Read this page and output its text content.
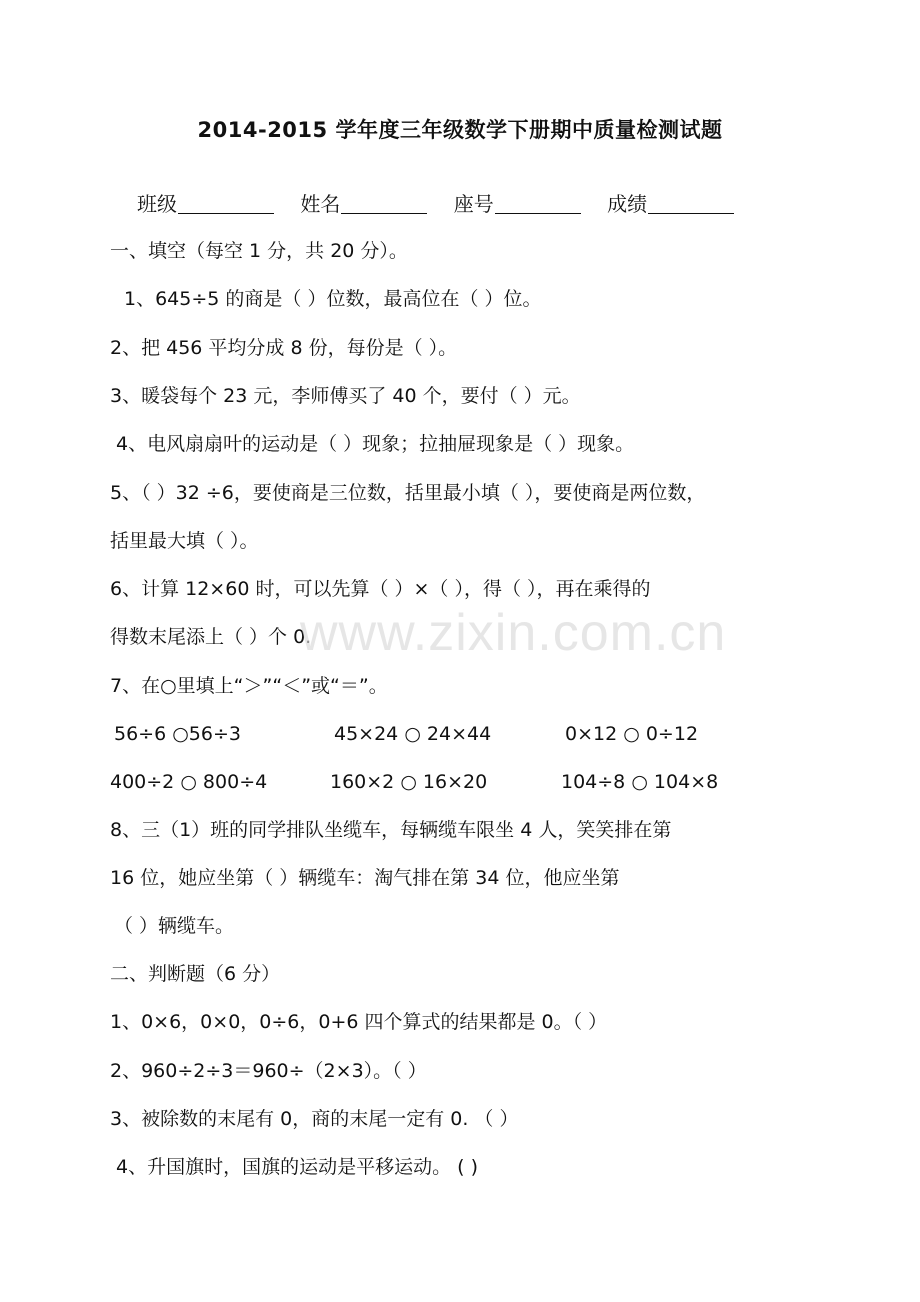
2014-2015 学年度三年级数学下册期中质量检测试题
班级	姓名	座号	成绩
一、填空（每空 1 分，共 20 分）。
1、645÷5 的商是（ ）位数，最高位在（ ）位。
2、把 456 平均分成 8 份，每份是（ ）。
3、暖袋每个 23 元，李师傅买了 40 个，要付（ ）元。
4、电风扇扇叶的运动是（ ）现象；拉抽屉现象是（ ）现象。
5、（ ）32 ÷6，要使商是三位数，括里最小填（ ），要使商是两位数，
括里最大填（ ）。
6、计算 12×60 时，可以先算（ ）×（ ），得（ ），再在乘得的
得数末尾添上（ ）个 0.
7、在○里填上“＞”“＜”或“＝”。
56÷6 ○56÷3	45×24 ○ 24×44	0×12 ○ 0÷12
400÷2 ○ 800÷4	160×2 ○ 16×20	104÷8 ○ 104×8
8、三（1）班的同学排队坐缆车，每辆缆车限坐 4 人，笑笑排在第
16 位，她应坐第（ ）辆缆车：淘气排在第 34 位，他应坐第
（ ）辆缆车。
二、判断题（6 分）
1、0×6，0×0，0÷6，0+6 四个算式的结果都是 0。（ ）
2、960÷2÷3＝960÷（2×3）。（ ）
3、被除数的末尾有 0，商的末尾一定有 0. （ ）
4、升国旗时，国旗的运动是平移运动。 ( )
www.zixin.com.cn
